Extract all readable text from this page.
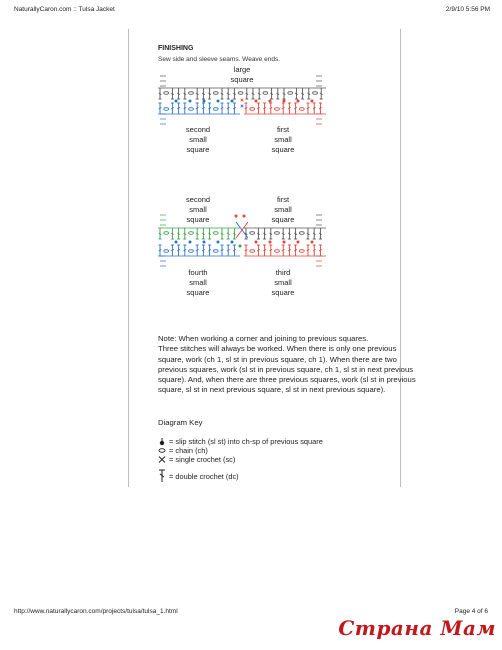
NaturallyCaron.com :: Tulsa Jacket	2/9/10 5:56 PM
FINISHING
Sew side and sleeve seams. Weave ends.
large
square
second
small
square
first
small
square
second
small
square
first
small
square
fourth
small
square
third
small
square

Note: When working a corner and joining to previous squares.

Three stitches will always be worked. When there is only one previous

square, work (ch 1, sl st in previous square, ch 1). When there are two

previous squares, work (sl st in previous square, ch 1, sl st in next previous

square). And, when there are three previous squares, work (sl st in previous

square, sl st in next previous square, sl st in next previous square).

Diagram Key
= slip stitch (sl st) into ch-sp of previous square
= chain (ch)
= single crochet (sc)
= double crochet (dc)
http://www.naturallycaron.com/projects/tulsa/tulsa_1.html	Page 4 of 6
Страна Мам
